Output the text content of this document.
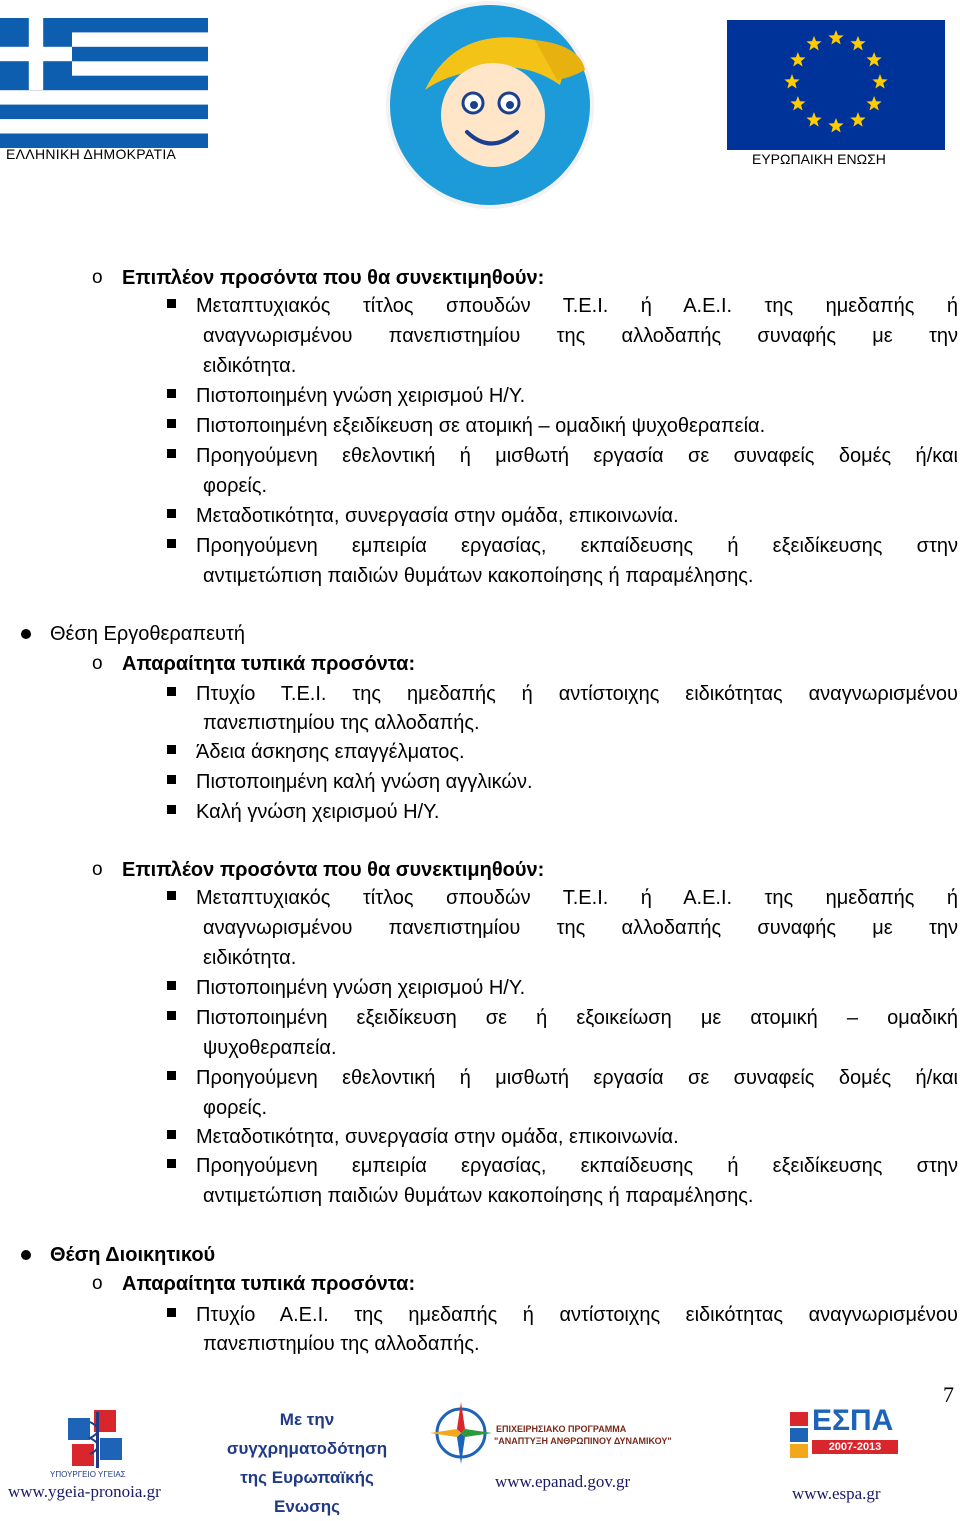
ΕΛΛΗΝΙΚΗ ΔΗΜΟΚΡΑΤΙΑ	ΕΥΡΩΠΑΙΚΗ ΕΝΩΣΗ
o Επιπλέον προσόντα που θα συνεκτιμηθούν:
Μεταπτυχιακός τίτλος σπουδών Τ.Ε.Ι. ή Α.Ε.Ι. της ημεδαπής ή
αναγνωρισμένου πανεπιστημίου της αλλοδαπής συναφής με την
ειδικότητα.
Πιστοποιημένη γνώση χειρισμού Η/Υ.
Πιστοποιημένη εξειδίκευση σε ατομική – ομαδική ψυχοθεραπεία.
Προηγούμενη εθελοντική ή μισθωτή εργασία σε συναφείς δομές ή/και
φορείς.
Μεταδοτικότητα, συνεργασία στην ομάδα, επικοινωνία.
Προηγούμενη εμπειρία εργασίας, εκπαίδευσης ή εξειδίκευσης στην
αντιμετώπιση παιδιών θυμάτων κακοποίησης ή παραμέλησης.
Θέση Εργοθεραπευτή
o Απαραίτητα τυπικά προσόντα:
Πτυχίο Τ.Ε.Ι. της ημεδαπής ή αντίστοιχης ειδικότητας αναγνωρισμένου
πανεπιστημίου της αλλοδαπής.
Άδεια άσκησης επαγγέλματος.
Πιστοποιημένη καλή γνώση αγγλικών.
Καλή γνώση χειρισμού Η/Υ.
o Επιπλέον προσόντα που θα συνεκτιμηθούν:
Μεταπτυχιακός τίτλος σπουδών Τ.Ε.Ι. ή Α.Ε.Ι. της ημεδαπής ή
αναγνωρισμένου πανεπιστημίου της αλλοδαπής συναφής με την
ειδικότητα.
Πιστοποιημένη γνώση χειρισμού Η/Υ.
Πιστοποιημένη εξειδίκευση σε ή εξοικείωση με ατομική – ομαδική
ψυχοθεραπεία.
Προηγούμενη εθελοντική ή μισθωτή εργασία σε συναφείς δομές ή/και
φορείς.
Μεταδοτικότητα, συνεργασία στην ομάδα, επικοινωνία.
Προηγούμενη εμπειρία εργασίας, εκπαίδευσης ή εξειδίκευσης στην
αντιμετώπιση παιδιών θυμάτων κακοποίησης ή παραμέλησης.
Θέση Διοικητικού
o Απαραίτητα τυπικά προσόντα:
Πτυχίο Α.Ε.Ι. της ημεδαπής ή αντίστοιχης ειδικότητας αναγνωρισμένου
πανεπιστημίου της αλλοδαπής.
7
ΥΠΟΥΡΓΕΙΟ ΥΓΕΙΑΣ
www.ygeia-pronoia.gr
Με την
συγχρηματοδότηση
της Ευρωπαϊκής
Ενωσης
ΕΠΙΧΕΙΡΗΣΙΑΚΟ ΠΡΟΓΡΑΜΜΑ
"ΑΝΑΠΤΥΞΗ ΑΝΘΡΩΠΙΝΟΥ ΔΥΝΑΜΙΚΟΥ"
www.epanad.gov.gr
ΕΣΠΑ
2007-2013
www.espa.gr
